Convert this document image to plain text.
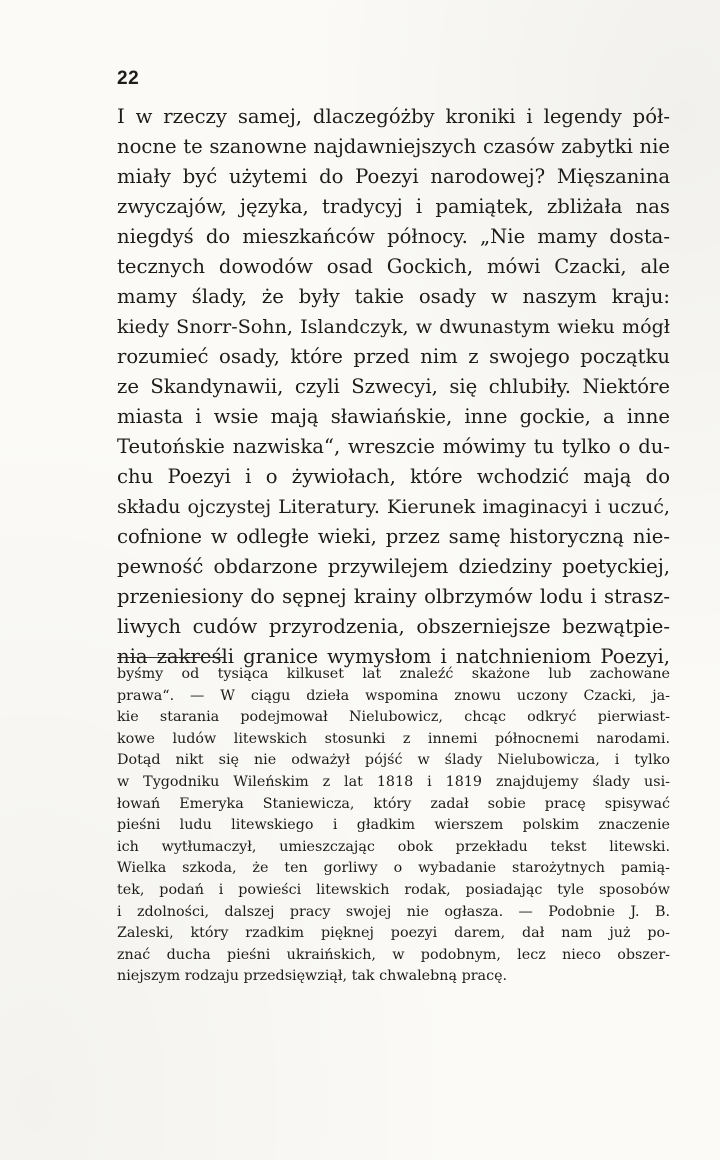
22
I w rzeczy samej, dlaczegóżby kroniki i legendy pół-
nocne te szanowne najdawniejszych czasów zabytki nie
miały być użytemi do Poezyi narodowej? Mięszanina
zwyczajów, języka, tradycyj i pamiątek, zbliżała nas
niegdyś do mieszkańców północy. „Nie mamy dosta-
tecznych dowodów osad Gockich, mówi Czacki, ale
mamy ślady, że były takie osady w naszym kraju:
kiedy Snorr-Sohn, Islandczyk, w dwunastym wieku mógł
rozumieć osady, które przed nim z swojego początku
ze Skandynawii, czyli Szwecyi, się chlubiły. Niektóre
miasta i wsie mają sławiańskie, inne gockie, a inne
Teutońskie nazwiska“, wreszcie mówimy tu tylko o du-
chu Poezyi i o żywiołach, które wchodzić mają do
składu ojczystej Literatury. Kierunek imaginacyi i uczuć,
cofnione w odległe wieki, przez samę historyczną nie-
pewność obdarzone przywilejem dziedziny poetyckiej,
przeniesiony do sępnej krainy olbrzymów lodu i strasz-
liwych cudów przyrodzenia, obszerniejsze bezwątpie-
nia zakreśli granice wymysłom i natchnieniom Poezyi,
byśmy od tysiąca kilkuset lat znaleźć skażone lub zachowane
prawa“. — W ciągu dzieła wspomina znowu uczony Czacki, ja-
kie starania podejmował Nielubowicz, chcąc odkryć pierwiast-
kowe ludów litewskich stosunki z innemi północnemi narodami.
Dotąd nikt się nie odważył pójść w ślady Nielubowicza, i tylko
w Tygodniku Wileńskim z lat 1818 i 1819 znajdujemy ślady usi-
łowań Emeryka Staniewicza, który zadał sobie pracę spisywać
pieśni ludu litewskiego i gładkim wierszem polskim znaczenie
ich wytłumaczył, umieszczając obok przekładu tekst litewski.
Wielka szkoda, że ten gorliwy o wybadanie starożytnych pamią-
tek, podań i powieści litewskich rodak, posiadając tyle sposobów
i zdolności, dalszej pracy swojej nie ogłasza. — Podobnie J. B.
Zaleski, który rzadkim pięknej poezyi darem, dał nam już po-
znać ducha pieśni ukraińskich, w podobnym, lecz nieco obszer-
niejszym rodzaju przedsięwziął, tak chwalebną pracę.
